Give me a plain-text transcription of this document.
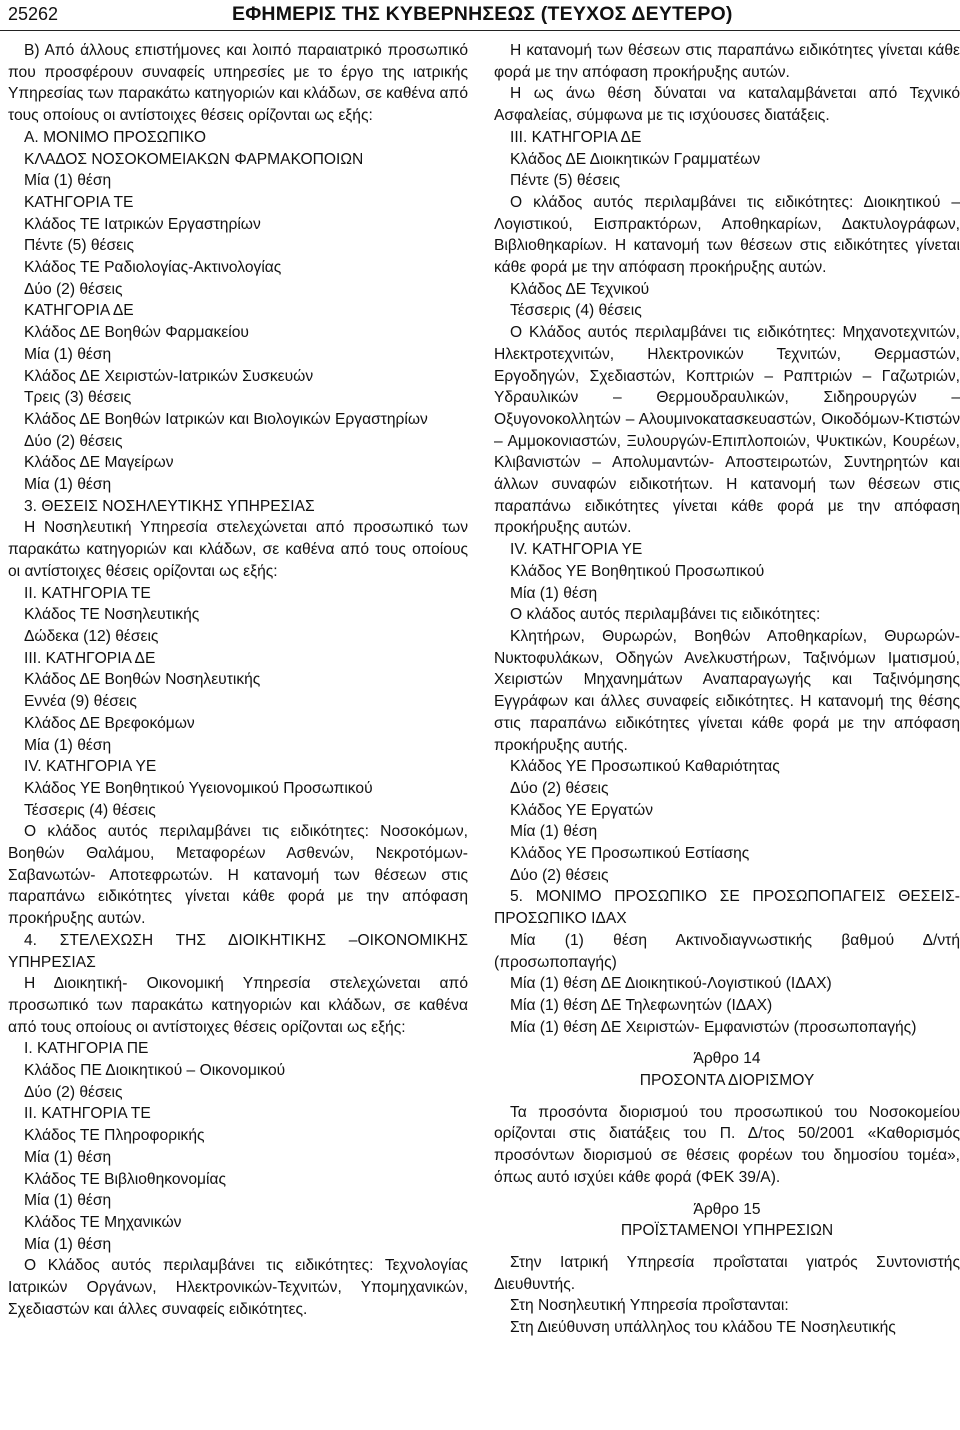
25262	ΕΦΗΜΕΡΙΣ ΤΗΣ ΚΥΒΕΡΝΗΣΕΩΣ (ΤΕΥΧΟΣ ΔΕΥΤΕΡΟ)

Β) Από άλλους επιστήμονες και λοιπό παραιατρικό προσωπικό που προσφέρουν συναφείς υπηρεσίες με το έργο της ιατρικής Υπηρεσίας των παρακάτω κατηγοριών και κλάδων, σε καθένα από τους οποίους οι αντίστοιχες θέσεις ορίζονται ως εξής:

Α. ΜΟΝΙΜΟ ΠΡΟΣΩΠΙΚΟ

ΚΛΑΔΟΣ ΝΟΣΟΚΟΜΕΙΑΚΩΝ ΦΑΡΜΑΚΟΠΟΙΩΝ

Μία (1) θέση

ΚΑΤΗΓΟΡΙΑ ΤΕ

Κλάδος ΤΕ Ιατρικών Εργαστηρίων

Πέντε (5) θέσεις

Κλάδος ΤΕ Ραδιολογίας-Ακτινολογίας

Δύο (2) θέσεις

ΚΑΤΗΓΟΡΙΑ ΔΕ

Κλάδος ΔΕ Βοηθών Φαρμακείου

Μία (1) θέση

Κλάδος ΔΕ Χειριστών-Ιατρικών Συσκευών

Τρεις (3) θέσεις

Κλάδος ΔΕ Βοηθών Ιατρικών και Βιολογικών Εργαστηρίων

Δύο (2) θέσεις

Κλάδος ΔΕ Μαγείρων

Μία (1) θέση

3. ΘΕΣΕΙΣ ΝΟΣΗΛΕΥΤΙΚΗΣ ΥΠΗΡΕΣΙΑΣ

Η Νοσηλευτική Υπηρεσία στελεχώνεται από προσωπικό των παρακάτω κατηγοριών και κλάδων, σε καθένα από τους οποίους οι αντίστοιχες θέσεις ορίζονται ως εξής:

ΙΙ. ΚΑΤΗΓΟΡΙΑ ΤΕ

Κλάδος ΤΕ Νοσηλευτικής

Δώδεκα (12) θέσεις

ΙΙΙ. ΚΑΤΗΓΟΡΙΑ ΔΕ

Κλάδος ΔΕ Βοηθών Νοσηλευτικής

Εννέα (9) θέσεις

Κλάδος ΔΕ Βρεφοκόμων

Μία (1) θέση

IV. ΚΑΤΗΓΟΡΙΑ ΥΕ

Κλάδος ΥΕ Βοηθητικού Υγειονομικού Προσωπικού

Τέσσερις (4) θέσεις

Ο κλάδος αυτός περιλαμβάνει τις ειδικότητες: Νοσοκόμων, Βοηθών Θαλάμου, Μεταφορέων Ασθενών, Νεκροτόμων- Σαβανωτών- Αποτεφρωτών. Η κατανομή των θέσεων στις παραπάνω ειδικότητες γίνεται κάθε φορά με την απόφαση προκήρυξης αυτών.

4. ΣΤΕΛΕΧΩΣΗ ΤΗΣ ΔΙΟΙΚΗΤΙΚΗΣ –ΟΙΚΟΝΟΜΙΚΗΣ ΥΠΗΡΕΣΙΑΣ

Η Διοικητική- Οικονομική Υπηρεσία στελεχώνεται από προσωπικό των παρακάτω κατηγοριών και κλάδων, σε καθένα από τους οποίους οι αντίστοιχες θέσεις ορίζονται ως εξής:

Ι. ΚΑΤΗΓΟΡΙΑ ΠΕ

Κλάδος ΠΕ Διοικητικού – Οικονομικού

Δύο (2) θέσεις

ΙΙ. ΚΑΤΗΓΟΡΙΑ ΤΕ

Κλάδος ΤΕ Πληροφορικής

Μία (1) θέση

Κλάδος ΤΕ Βιβλιοθηκονομίας

Μία (1) θέση

Κλάδος ΤΕ Μηχανικών

Μία (1) θέση

Ο Κλάδος αυτός περιλαμβάνει τις ειδικότητες: Τεχνολογίας Ιατρικών Οργάνων, Ηλεκτρονικών-Τεχνιτών, Υπομηχανικών, Σχεδιαστών και άλλες συναφείς ειδικότητες.

Η κατανομή των θέσεων στις παραπάνω ειδικότητες γίνεται κάθε φορά με την απόφαση προκήρυξης αυτών.

Η ως άνω θέση δύναται να καταλαμβάνεται από Τεχνικό Ασφαλείας, σύμφωνα με τις ισχύουσες διατάξεις.

ΙΙΙ. ΚΑΤΗΓΟΡΙΑ ΔΕ

Κλάδος ΔΕ Διοικητικών Γραμματέων

Πέντε (5) θέσεις

Ο κλάδος αυτός περιλαμβάνει τις ειδικότητες: Διοικητικού – Λογιστικού, Εισπρακτόρων, Αποθηκαρίων, Δακτυλογράφων, Βιβλιοθηκαρίων. Η κατανομή των θέσεων στις ειδικότητες γίνεται κάθε φορά με την απόφαση προκήρυξης αυτών.

Κλάδος ΔΕ Τεχνικού

Τέσσερις (4) θέσεις

Ο Κλάδος αυτός περιλαμβάνει τις ειδικότητες: Μηχανοτεχνιτών, Ηλεκτροτεχνιτών, Ηλεκτρονικών Τεχνιτών, Θερμαστών, Εργοδηγών, Σχεδιαστών, Κοπτριών – Ραπτριών – Γαζωτριών, Υδραυλικών – Θερμουδραυλικών, Σιδηρουργών – Οξυγονοκολλητών – Αλουμινοκατασκευαστών, Οικοδόμων-Κτιστών – Αμμοκονιαστών, Ξυλουργών-Επιπλοποιών, Ψυκτικών, Κουρέων, Κλιβανιστών – Απολυμαντών- Αποστειρωτών, Συντηρητών και άλλων συναφών ειδικοτήτων. Η κατανομή των θέσεων στις παραπάνω ειδικότητες γίνεται κάθε φορά με την απόφαση προκήρυξης αυτών.

IV. ΚΑΤΗΓΟΡΙΑ ΥΕ

Κλάδος ΥΕ Βοηθητικού Προσωπικού

Μία (1) θέση

Ο κλάδος αυτός περιλαμβάνει τις ειδικότητες:

Κλητήρων, Θυρωρών, Βοηθών Αποθηκαρίων, Θυρωρών-Νυκτοφυλάκων, Οδηγών Ανελκυστήρων, Ταξινόμων Ιματισμού, Χειριστών Μηχανημάτων Αναπαραγωγής και Ταξινόμησης Εγγράφων και άλλες συναφείς ειδικότητες. Η κατανομή της θέσης στις παραπάνω ειδικότητες γίνεται κάθε φορά με την απόφαση προκήρυξης αυτής.

Κλάδος ΥΕ Προσωπικού Καθαριότητας

Δύο (2) θέσεις

Κλάδος ΥΕ Εργατών

Μία (1) θέση

Κλάδος ΥΕ Προσωπικού Εστίασης

Δύο (2) θέσεις

5. ΜΟΝΙΜΟ ΠΡΟΣΩΠΙΚΟ ΣΕ ΠΡΟΣΩΠΟΠΑΓΕΙΣ ΘΕΣΕΙΣ-ΠΡΟΣΩΠΙΚΟ ΙΔΑΧ

Μία (1) θέση Ακτινοδιαγνωστικής βαθμού Δ/ντή (προσωποπαγής)

Μία (1) θέση ΔΕ Διοικητικού-Λογιστικού (ΙΔΑΧ)

Μία (1) θέση ΔΕ Τηλεφωνητών (ΙΔΑΧ)

Μία (1) θέση ΔΕ Χειριστών- Εμφανιστών (προσωποπαγής)

Άρθρο 14

ΠΡΟΣΟΝΤΑ ΔΙΟΡΙΣΜΟΥ

Τα προσόντα διορισμού του προσωπικού του Νοσοκομείου ορίζονται στις διατάξεις του Π. Δ/τος 50/2001 «Καθορισμός προσόντων διορισμού σε θέσεις φορέων του δημοσίου τομέα», όπως αυτό ισχύει κάθε φορά (ΦΕΚ 39/Α).

Άρθρο 15

ΠΡΟΪΣΤΑΜΕΝΟΙ ΥΠΗΡΕΣΙΩΝ

Στην Ιατρική Υπηρεσία προΐσταται γιατρός Συντονιστής Διευθυντής.

Στη Νοσηλευτική Υπηρεσία προΐστανται:

Στη Διεύθυνση υπάλληλος του κλάδου ΤΕ Νοσηλευτικής
